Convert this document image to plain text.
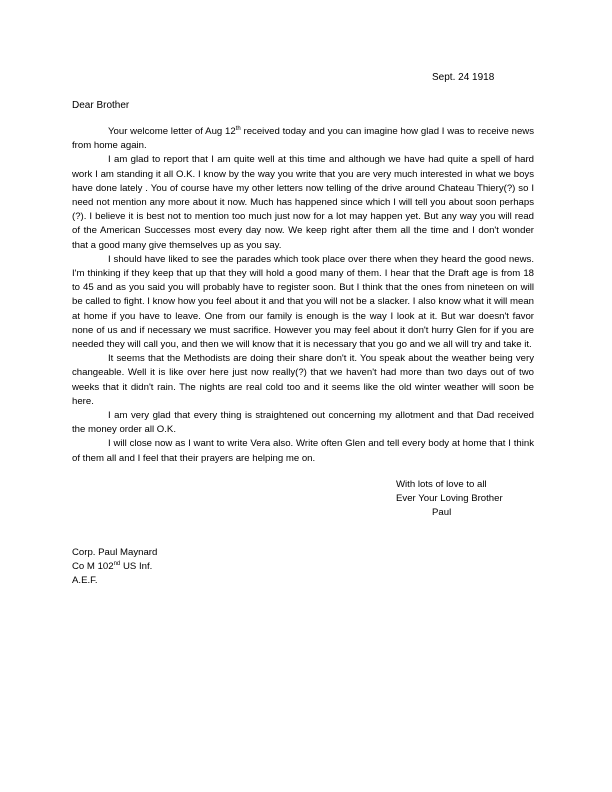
Sept. 24 1918
Dear Brother

Your welcome letter of Aug 12th received today and you can imagine how glad I was to receive news from home again.

I am glad to report that I am quite well at this time and although we have had quite a spell of hard work I am standing it all O.K. I know by the way you write that you are very much interested in what we boys have done lately . You of course have my other letters now telling of the drive around Chateau Thiery(?) so I need not mention any more about it now. Much has happened since which I will tell you about soon perhaps (?). I believe it is best not to mention too much just now for a lot may happen yet. But any way you will read of the American Successes most every day now. We keep right after them all the time and I don't wonder that a good many give themselves up as you say.

I should have liked to see the parades which took place over there when they heard the good news. I'm thinking if they keep that up that they will hold a good many of them. I hear that the Draft age is from 18 to 45 and as you said you will probably have to register soon. But I think that the ones from nineteen on will be called to fight. I know how you feel about it and that you will not be a slacker. I also know what it will mean at home if you have to leave. One from our family is enough is the way I look at it. But war doesn't favor none of us and if necessary we must sacrifice. However you may feel about it don't hurry Glen for if you are needed they will call you, and then we will know that it is necessary that you go and we all will try and take it.

It seems that the Methodists are doing their share don't it. You speak about the weather being very changeable. Well it is like over here just now really(?) that we haven't had more than two days out of two weeks that it didn't rain. The nights are real cold too and it seems like the old winter weather will soon be here.

I am very glad that every thing is straightened out concerning my allotment and that Dad received the money order all O.K.

I will close now as I want to write Vera also. Write often Glen and tell every body at home that I think of them all and I feel that their prayers are helping me on.

With lots of love to all
Ever Your Loving Brother
Paul
Corp. Paul Maynard
Co M 102nd US Inf.
A.E.F.
